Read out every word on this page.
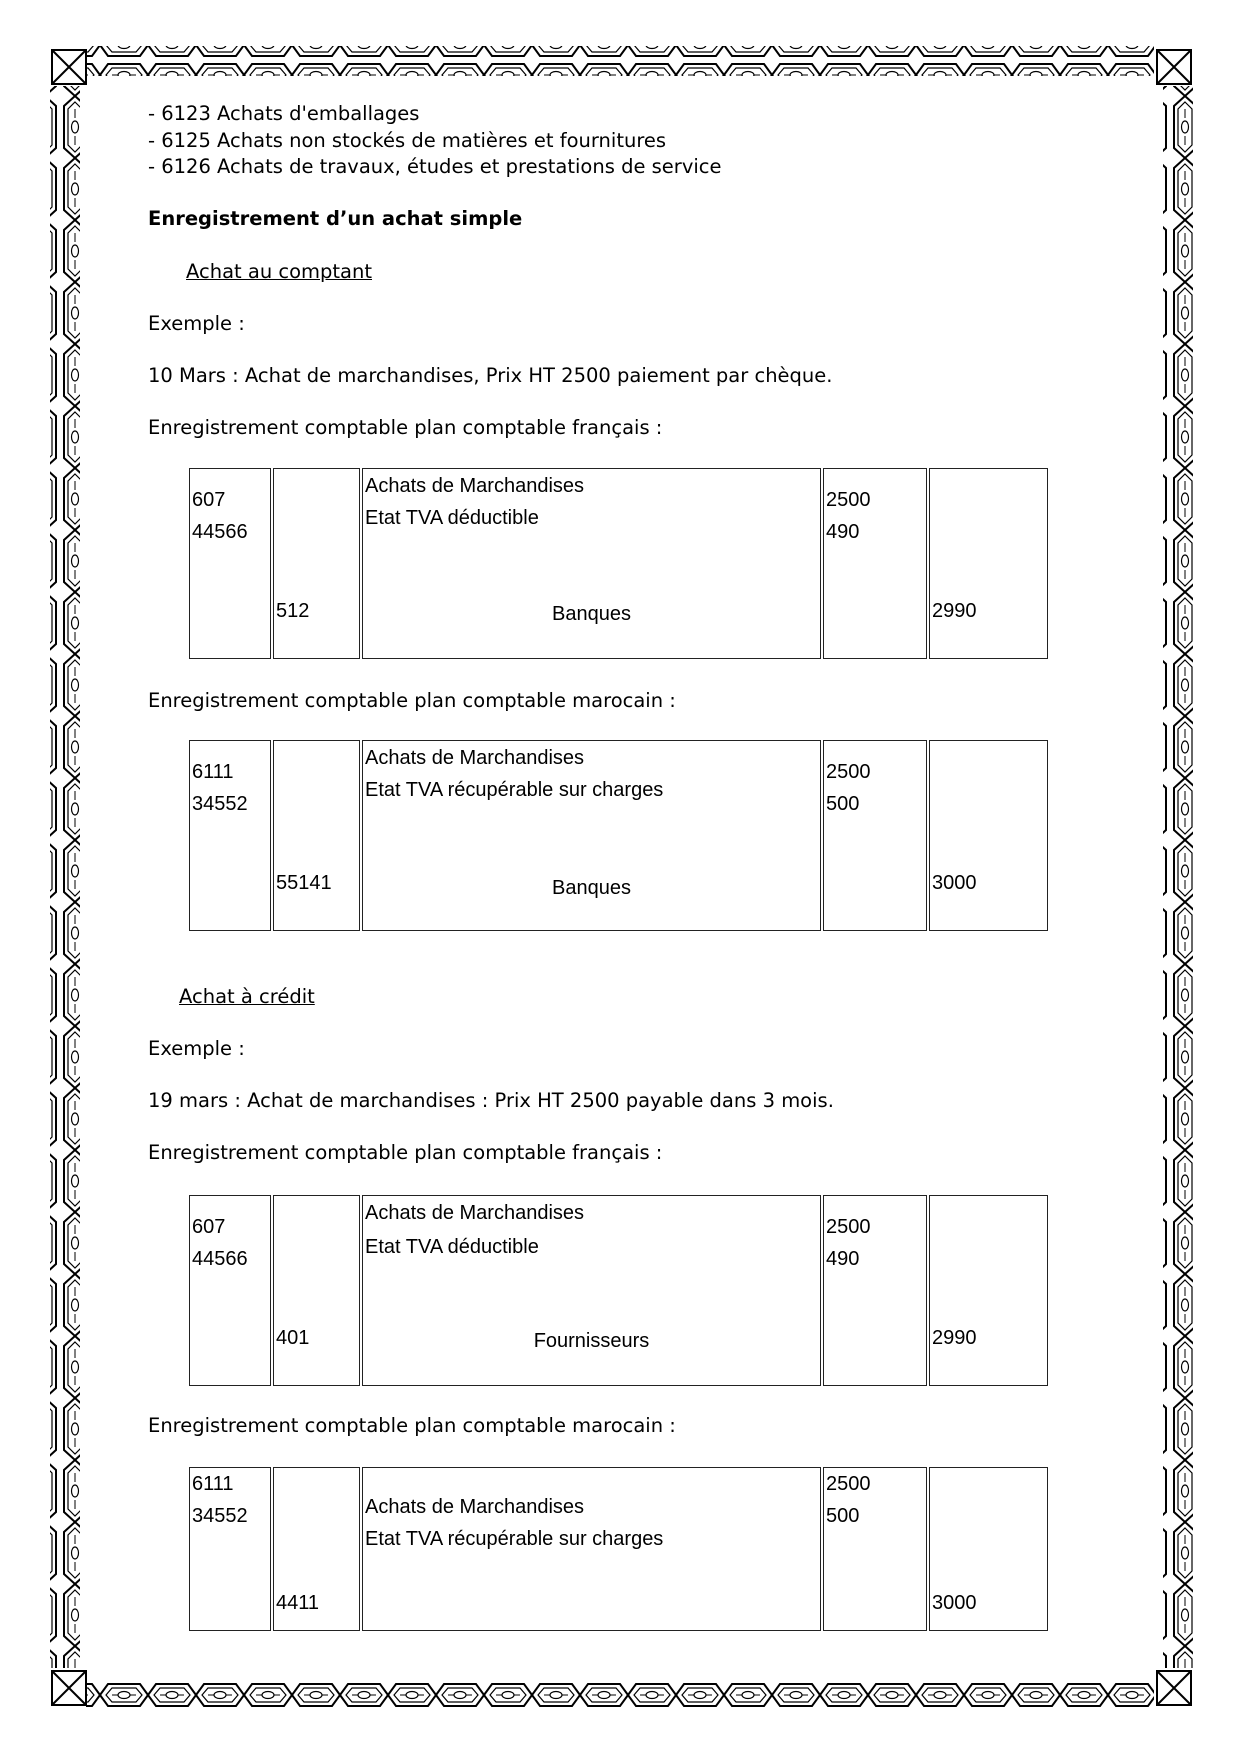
- 6123 Achats d'emballages
- 6125 Achats non stockés de matières et fournitures
- 6126 Achats de travaux, études et prestations de service
Enregistrement d’un achat simple
Achat au comptant
Exemple :
10 Mars : Achat de marchandises, Prix HT 2500 paiement par chèque.
Enregistrement comptable plan comptable français :
607
44566
512
Achats de Marchandises
Etat TVA déductible
Banques
2500
490
2990
Enregistrement comptable plan comptable marocain :
6111
34552
55141
Achats de Marchandises
Etat TVA récupérable sur charges
Banques
2500
500
3000
Achat à crédit
Exemple :
19 mars : Achat de marchandises : Prix HT 2500 payable dans 3 mois.
Enregistrement comptable plan comptable français :
607
44566
401
Achats de Marchandises
Etat TVA déductible
Fournisseurs
2500
490
2990
Enregistrement comptable plan comptable marocain :
6111
34552
4411
Achats de Marchandises
Etat TVA récupérable sur charges
2500
500
3000
